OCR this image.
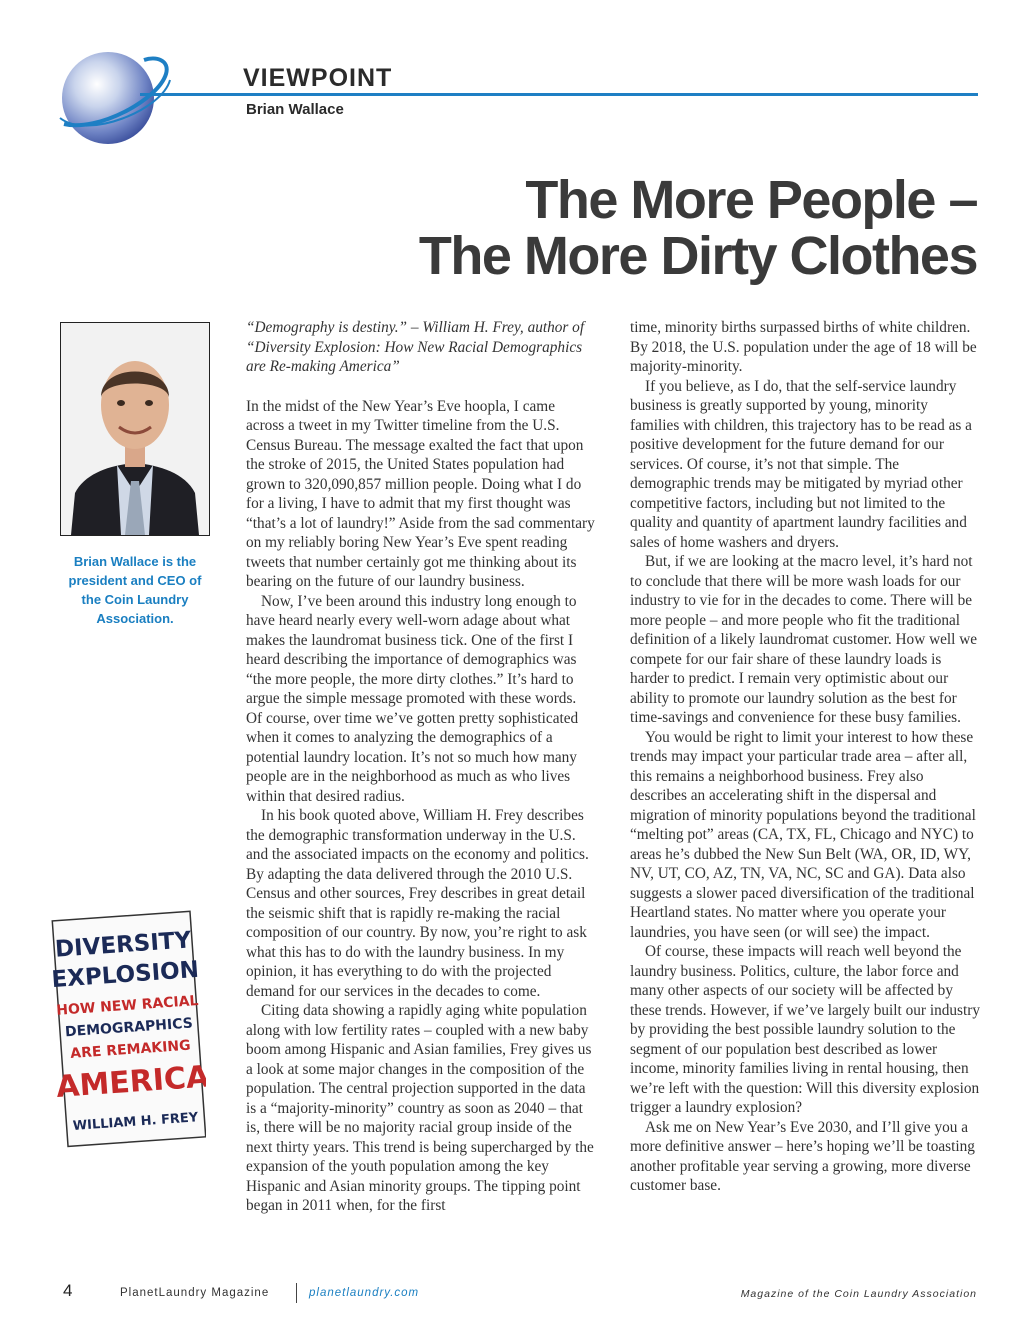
VIEWPOINT
Brian Wallace
The More People –
The More Dirty Clothes
Brian Wallace is the president and CEO of the Coin Laundry Association.
DIVERSITY
EXPLOSION
HOW NEW RACIAL
DEMOGRAPHICS
ARE REMAKING
AMERICA
WILLIAM H. FREY

“Demography is destiny.” – William H. Frey, author of “Diversity Explosion: How New Racial Demographics are Re-making America”

In the midst of the New Year’s Eve hoopla, I came across a tweet in my Twitter timeline from the U.S. Census Bureau. The message exalted the fact that upon the stroke of 2015, the United States population had grown to 320,090,857 million people. Doing what I do for a living, I have to admit that my first thought was “that’s a lot of laundry!” Aside from the sad commentary on my reliably boring New Year’s Eve spent reading tweets that number certainly got me thinking about its bearing on the future of our laundry business.

Now, I’ve been around this industry long enough to have heard nearly every well-worn adage about what makes the laundromat business tick. One of the first I heard describing the importance of demographics was “the more people, the more dirty clothes.” It’s hard to argue the simple message promoted with these words. Of course, over time we’ve gotten pretty sophisticated when it comes to analyzing the demographics of a potential laundry location. It’s not so much how many people are in the neighborhood as much as who lives within that desired radius.

In his book quoted above, William H. Frey describes the demographic transformation underway in the U.S. and the associated impacts on the economy and politics. By adapting the data delivered through the 2010 U.S. Census and other sources, Frey describes in great detail the seismic shift that is rapidly re-making the racial composition of our country. By now, you’re right to ask what this has to do with the laundry business. In my opinion, it has everything to do with the projected demand for our services in the decades to come.

Citing data showing a rapidly aging white population along with low fertility rates – coupled with a new baby boom among Hispanic and Asian families, Frey gives us a look at some major changes in the composition of the population. The central projection supported in the data is a “majority-minority” country as soon as 2040 – that is, there will be no majority racial group inside of the next thirty years. This trend is being supercharged by the expansion of the youth population among the key Hispanic and Asian minority groups. The tipping point began in 2011 when, for the first

time, minority births surpassed births of white children. By 2018, the U.S. population under the age of 18 will be majority-minority.

If you believe, as I do, that the self-service laundry business is greatly supported by young, minority families with children, this trajectory has to be read as a positive development for the future demand for our services. Of course, it’s not that simple. The demographic trends may be mitigated by myriad other competitive factors, including but not limited to the quality and quantity of apartment laundry facilities and sales of home washers and dryers.

But, if we are looking at the macro level, it’s hard not to conclude that there will be more wash loads for our industry to vie for in the decades to come. There will be more people – and more people who fit the traditional definition of a likely laundromat customer. How well we compete for our fair share of these laundry loads is harder to predict. I remain very optimistic about our ability to promote our laundry solution as the best for time-savings and convenience for these busy families.

You would be right to limit your interest to how these trends may impact your particular trade area – after all, this remains a neighborhood business. Frey also describes an accelerating shift in the dispersal and migration of minority populations beyond the traditional “melting pot” areas (CA, TX, FL, Chicago and NYC) to areas he’s dubbed the New Sun Belt (WA, OR, ID, WY, NV, UT, CO, AZ, TN, VA, NC, SC and GA). Data also suggests a slower paced diversification of the traditional Heartland states. No matter where you operate your laundries, you have seen (or will see) the impact.

Of course, these impacts will reach well beyond the laundry business. Politics, culture, the labor force and many other aspects of our society will be affected by these trends. However, if we’ve largely built our industry by providing the best possible laundry solution to the segment of our population best described as lower income, minority families living in rental housing, then we’re left with the question: Will this diversity explosion trigger a laundry explosion?

Ask me on New Year’s Eve 2030, and I’ll give you a more definitive answer – here’s hoping we’ll be toasting another profitable year serving a growing, more diverse customer base.

4	PlanetLaundry Magazine	planetlaundry.com	Magazine of the Coin Laundry Association
